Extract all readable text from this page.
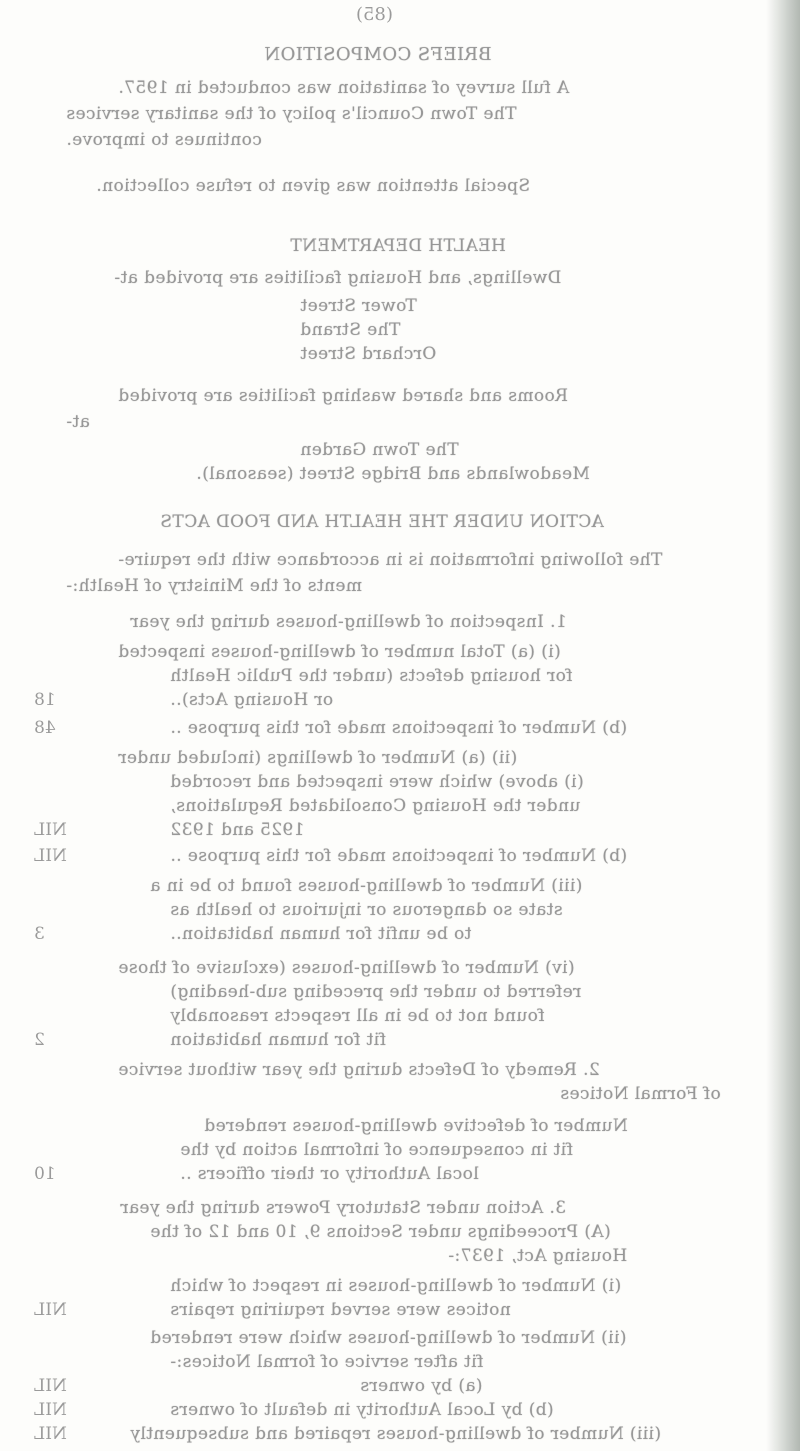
(85)
BRIEFS COMPOSITION
A full survey of sanitation was conducted in 1957.
The Town Council's policy of the sanitary services
continues to improve.
Special attention was given to refuse collection.
HEALTH DEPARTMENT
Dwellings, and Housing facilities are provided at-
Tower Street
The Strand
Orchard Street
Rooms and shared washing facilities are provided
at-
The Town Garden
Meadowlands and Bridge Street (seasonal).
ACTION UNDER THE HEALTH AND FOOD ACTS
The following information is in accordance with the require-
ments of the Ministry of Health:-
1. Inspection of dwelling-houses during the year
(i) (a) Total number of dwelling-houses inspected
for housing defects (under the Public Health
or Housing Acts)..
18
(b) Number of inspections made for this purpose ..
48
(ii) (a) Number of dwellings (included under
(i) above) which were inspected and recorded
under the Housing Consolidated Regulations,
1925 and 1932
NIL
(b) Number of inspections made for this purpose ..
NIL
(iii) Number of dwelling-houses found to be in a
state so dangerous or injurious to health as
to be unfit for human habitation..
3
(iv) Number of dwelling-houses (exclusive of those
referred to under the preceding sub-heading)
found not to be in all respects reasonably
fit for human habitation
2
2. Remedy of Defects during the year without service
of Formal Notices
Number of defective dwelling-houses rendered
fit in consequence of informal action by the
local Authority or their officers ..
10
3. Action under Statutory Powers during the year
(A) Proceedings under Sections 9, 10 and 12 of the
Housing Act, 1937:-
(i) Number of dwelling-houses in respect of which
notices were served requiring repairs
NIL
(ii) Number of dwelling-houses which were rendered
fit after service of formal Notices:-
(a) by owners
NIL
(b) by Local Authority in default of owners
NIL
(iii) Number of dwelling-houses repaired and subsequently
NIL
